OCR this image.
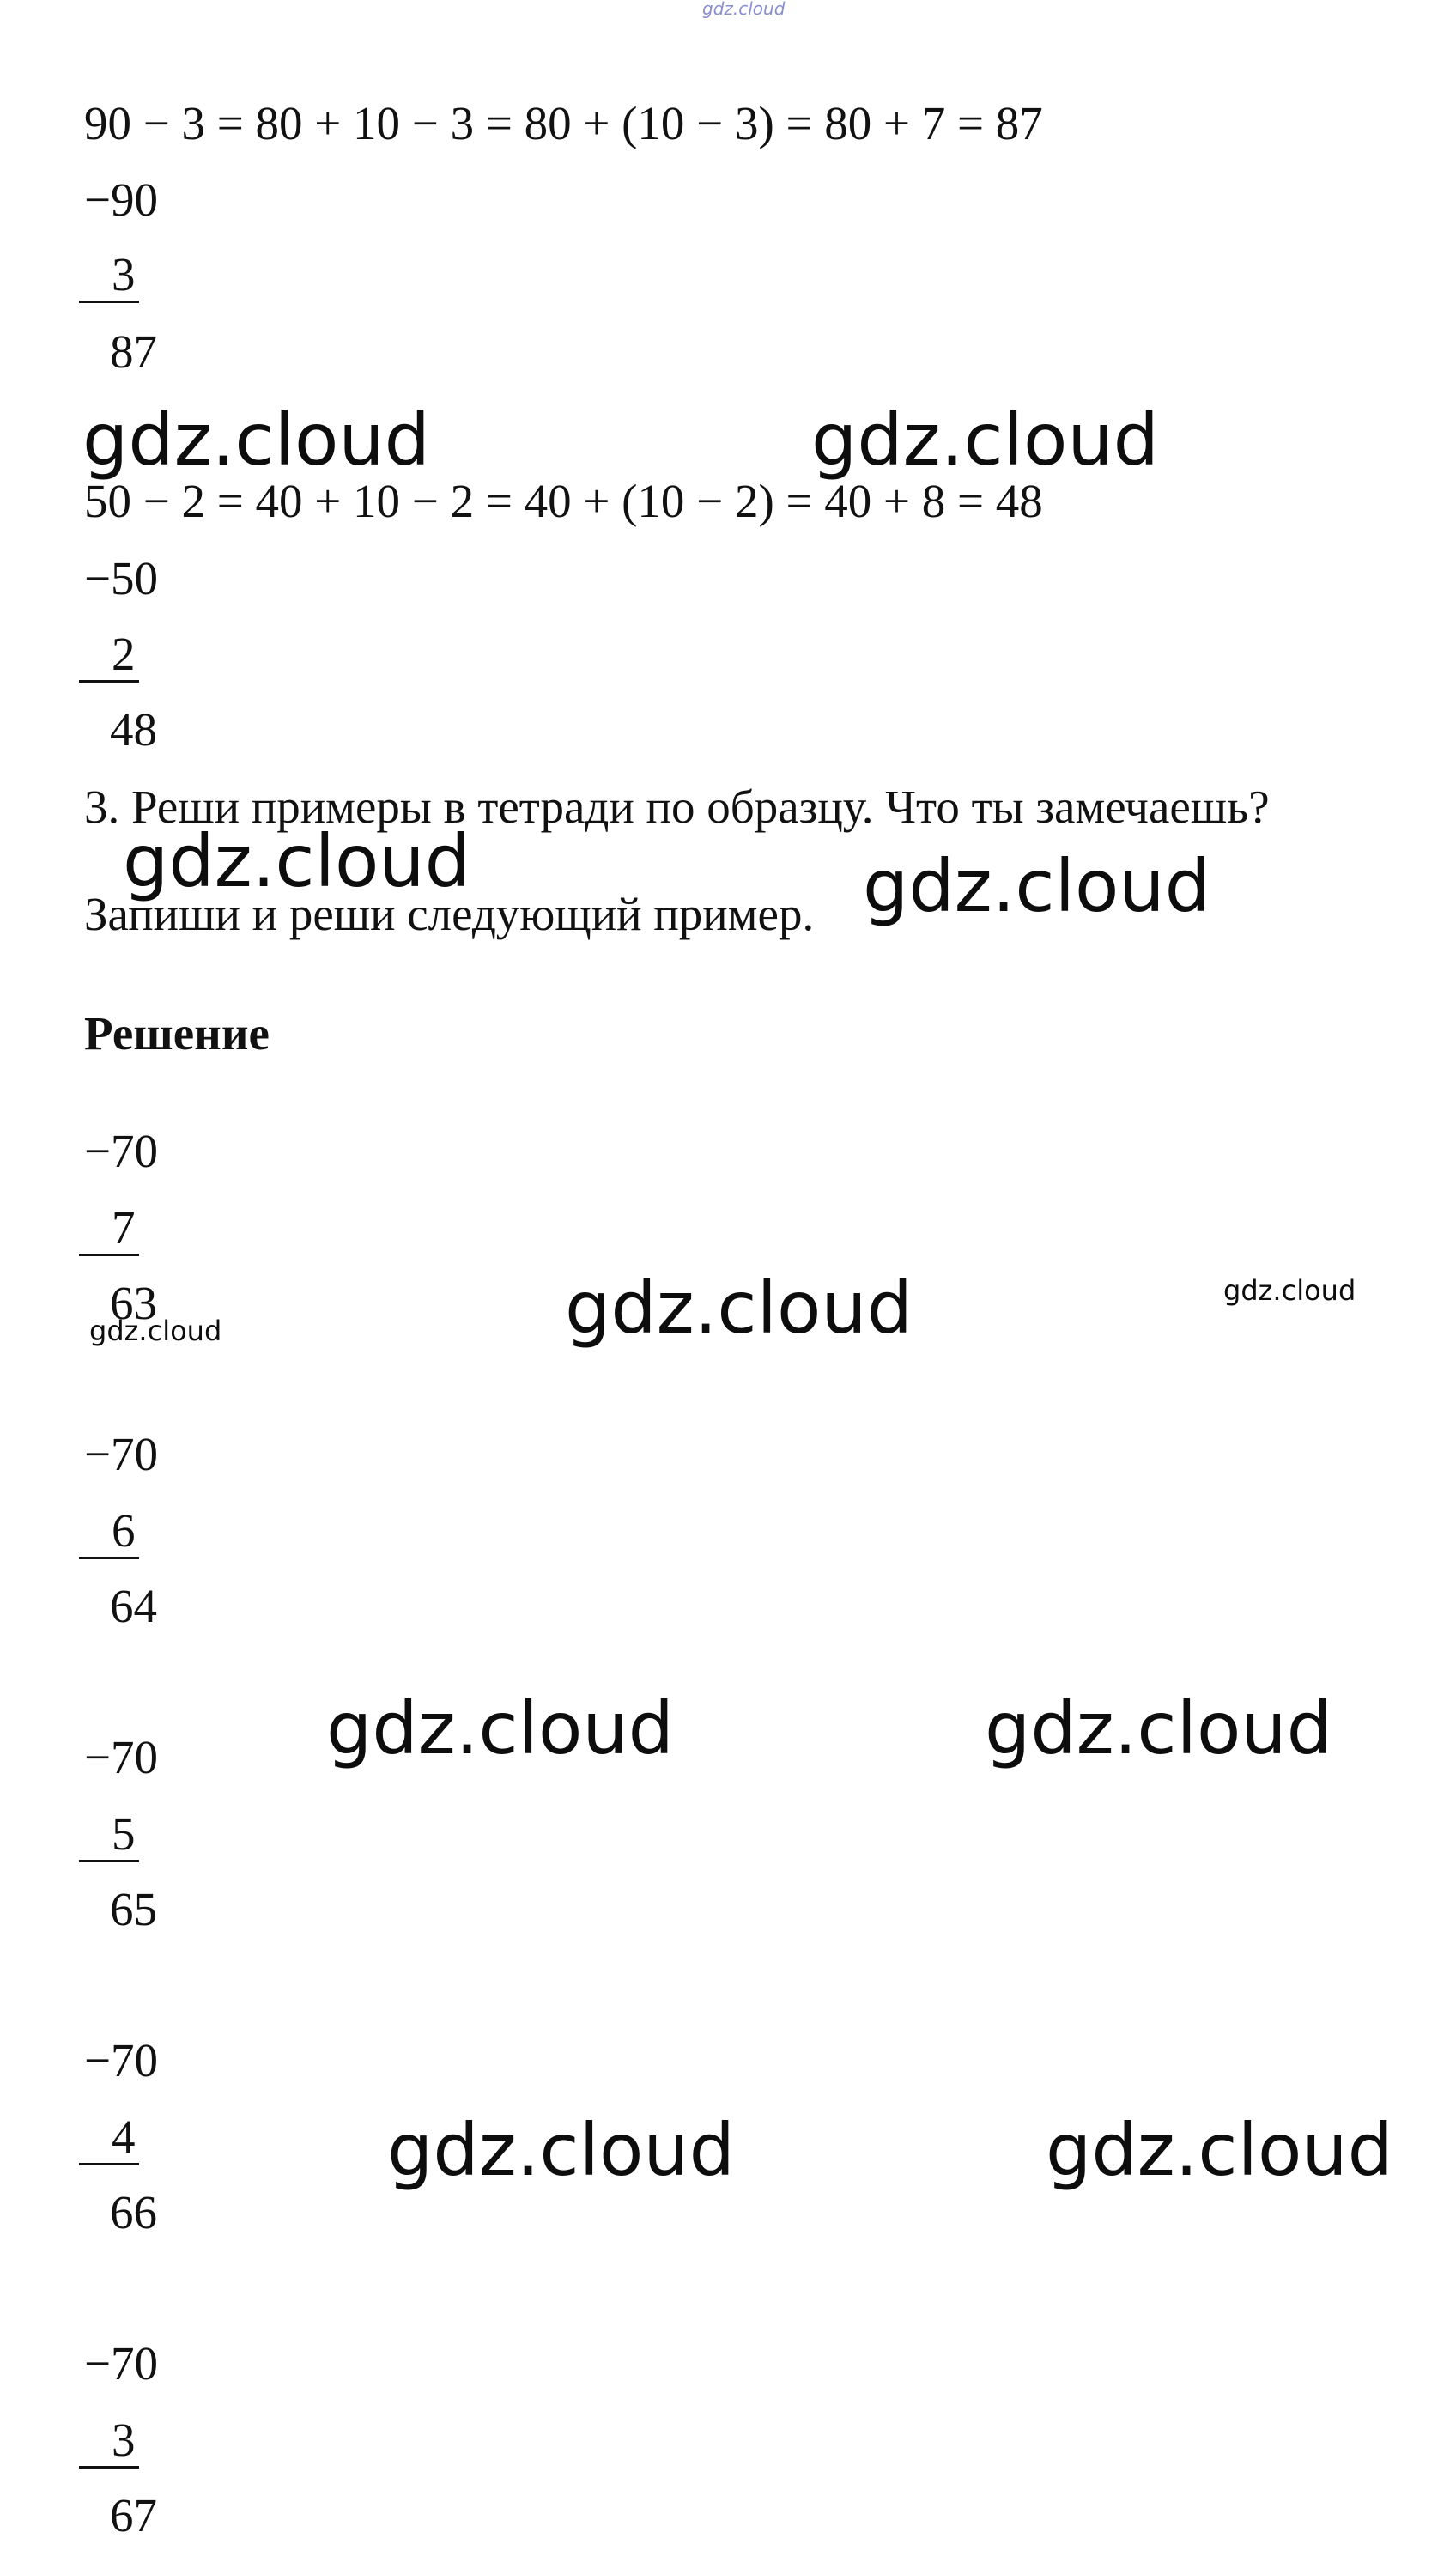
gdz.cloud
90 − 3 = 80 + 10 − 3 = 80 + (10 − 3) = 80 + 7 = 87
−90
3
87
50 − 2 = 40 + 10 − 2 = 40 + (10 − 2) = 40 + 8 = 48
−50
2
48
3. Реши примеры в тетради по образцу. Что ты замечаешь?
Запиши и реши следующий пример.
Решение
−70
7
63
−70
6
64
−70
5
65
−70
4
66
−70
3
67
gdz.cloud	gdz.cloud
gdz.cloud	gdz.cloud
gdz.cloud	gdz.cloud
gdz.cloud
gdz.cloud	gdz.cloud
gdz.cloud	gdz.cloud
